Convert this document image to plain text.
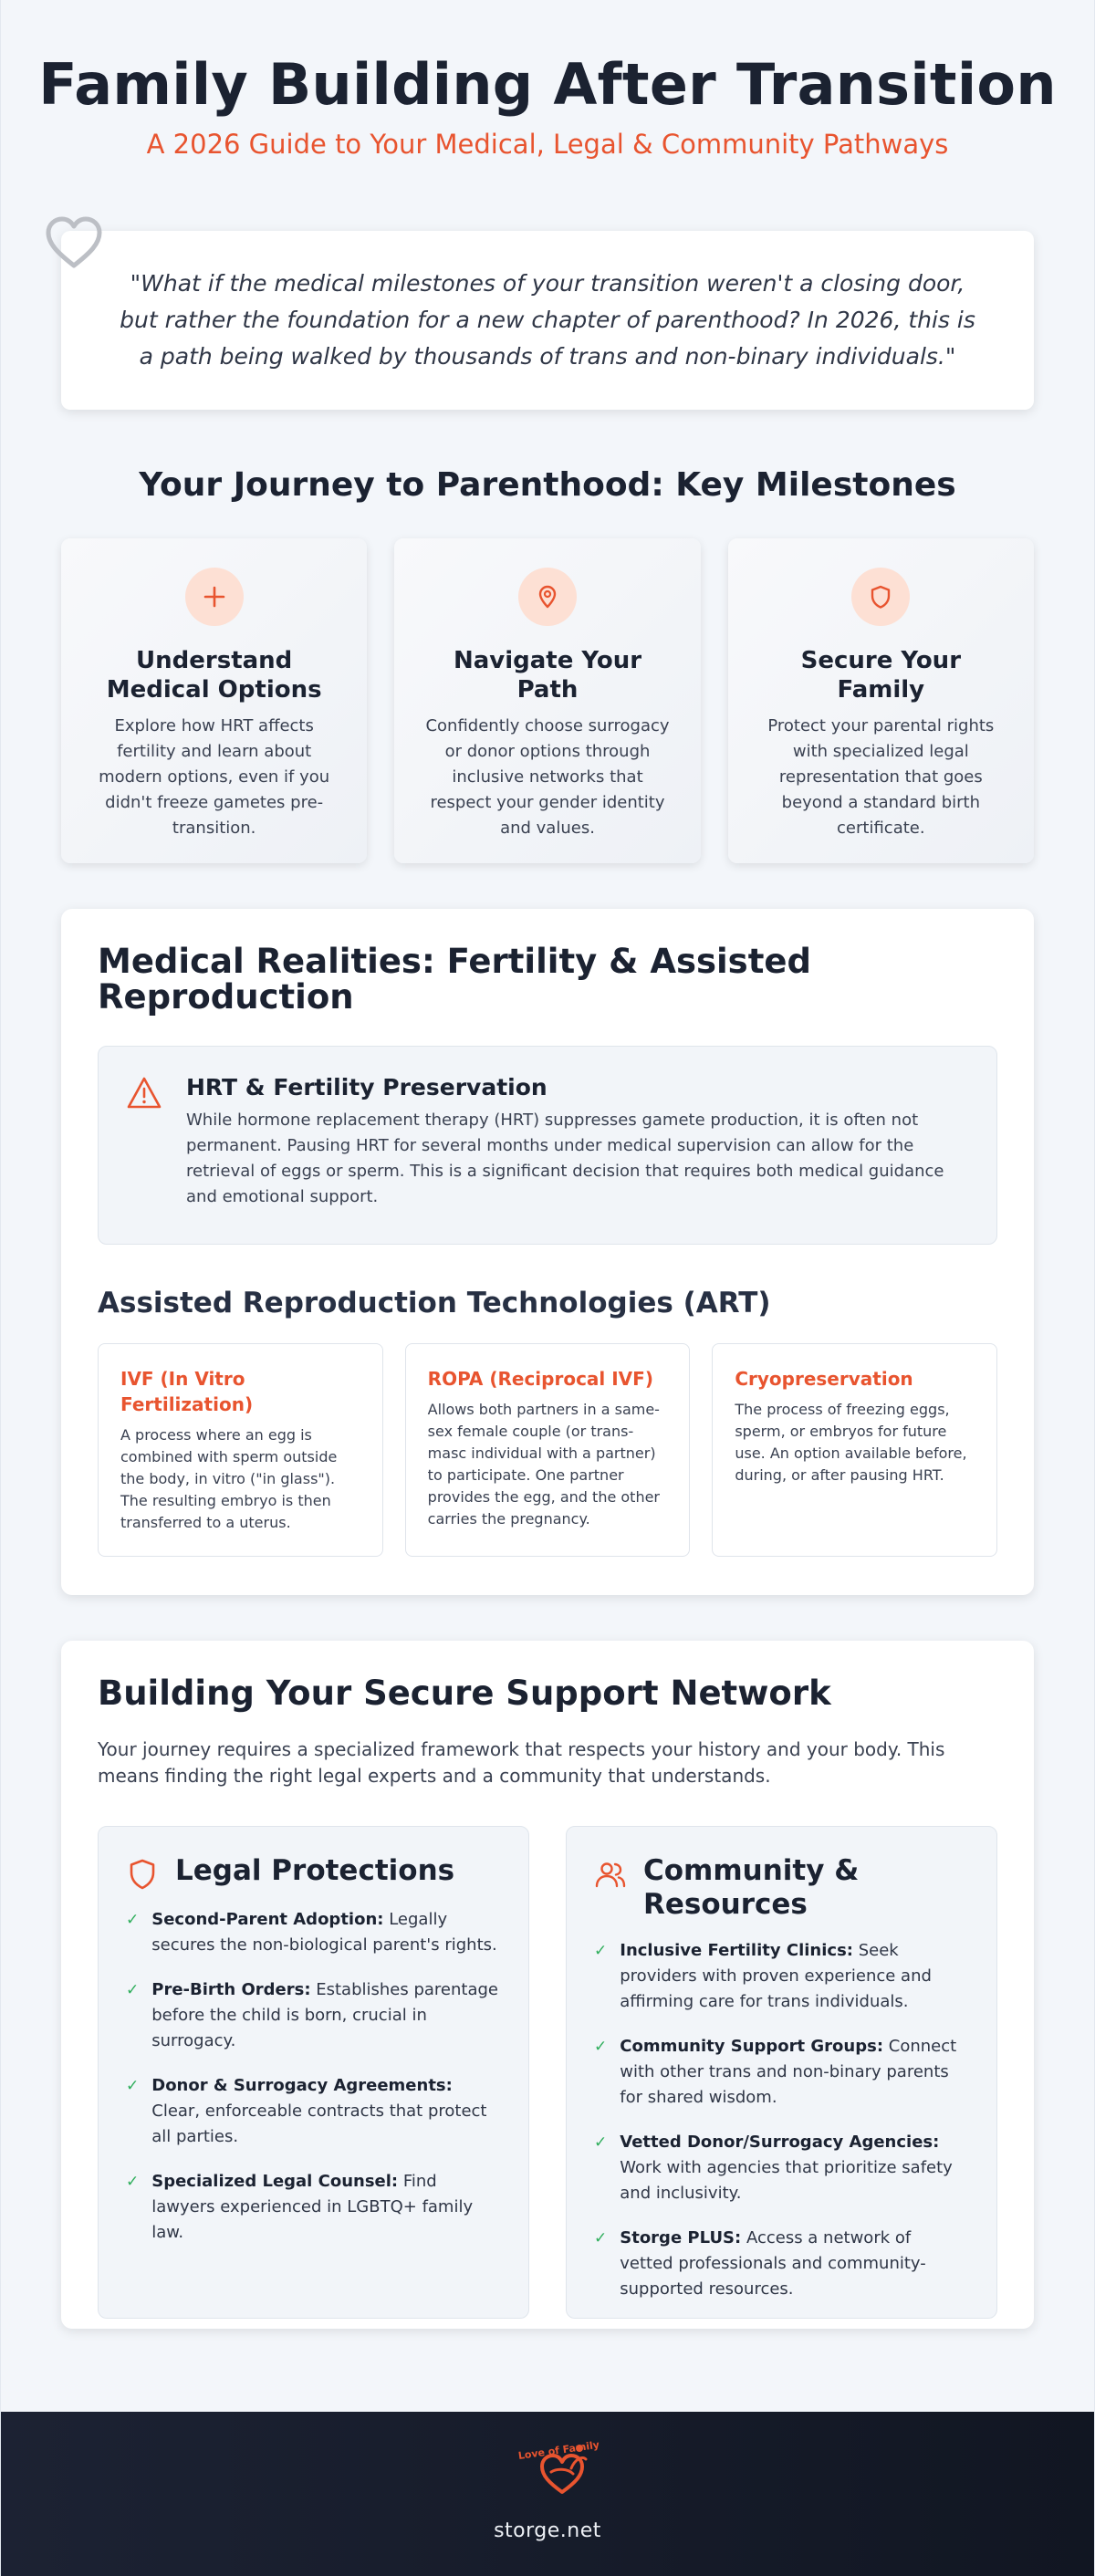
Family Building After Transition
A 2026 Guide to Your Medical, Legal & Community Pathways

"What if the medical milestones of your transition weren't a closing door, but rather the foundation for a new chapter of parenthood? In 2026, this is a path being walked by thousands of trans and non-binary individuals."

Your Journey to Parenthood: Key Milestones
Understand Medical Options
Explore how HRT affects fertility and learn about modern options, even if you didn't freeze gametes pre-transition.
Navigate Your Path
Confidently choose surrogacy or donor options through inclusive networks that respect your gender identity and values.
Secure Your Family
Protect your parental rights with specialized legal representation that goes beyond a standard birth certificate.
Medical Realities: Fertility & Assisted Reproduction
HRT & Fertility Preservation
While hormone replacement therapy (HRT) suppresses gamete production, it is often not permanent. Pausing HRT for several months under medical supervision can allow for the retrieval of eggs or sperm. This is a significant decision that requires both medical guidance and emotional support.
Assisted Reproduction Technologies (ART)
IVF (In Vitro Fertilization)
A process where an egg is combined with sperm outside the body, in vitro ("in glass"). The resulting embryo is then transferred to a uterus.
ROPA (Reciprocal IVF)
Allows both partners in a same-sex female couple (or trans-masc individual with a partner) to participate. One partner provides the egg, and the other carries the pregnancy.
Cryopreservation
The process of freezing eggs, sperm, or embryos for future use. An option available before, during, or after pausing HRT.
Building Your Secure Support Network

Your journey requires a specialized framework that respects your history and your body. This means finding the right legal experts and a community that understands.

Legal Protections
✓ Second-Parent Adoption: Legally secures the non-biological parent's rights.
✓ Pre-Birth Orders: Establishes parentage before the child is born, crucial in surrogacy.
✓ Donor & Surrogacy Agreements: Clear, enforceable contracts that protect all parties.
✓ Specialized Legal Counsel: Find lawyers experienced in LGBTQ+ family law.
Community & Resources
✓ Inclusive Fertility Clinics: Seek providers with proven experience and affirming care for trans individuals.
✓ Community Support Groups: Connect with other trans and non-binary parents for shared wisdom.
✓ Vetted Donor/Surrogacy Agencies: Work with agencies that prioritize safety and inclusivity.
✓ Storge PLUS: Access a network of vetted professionals and community-supported resources.
Love of Family
storge.net
